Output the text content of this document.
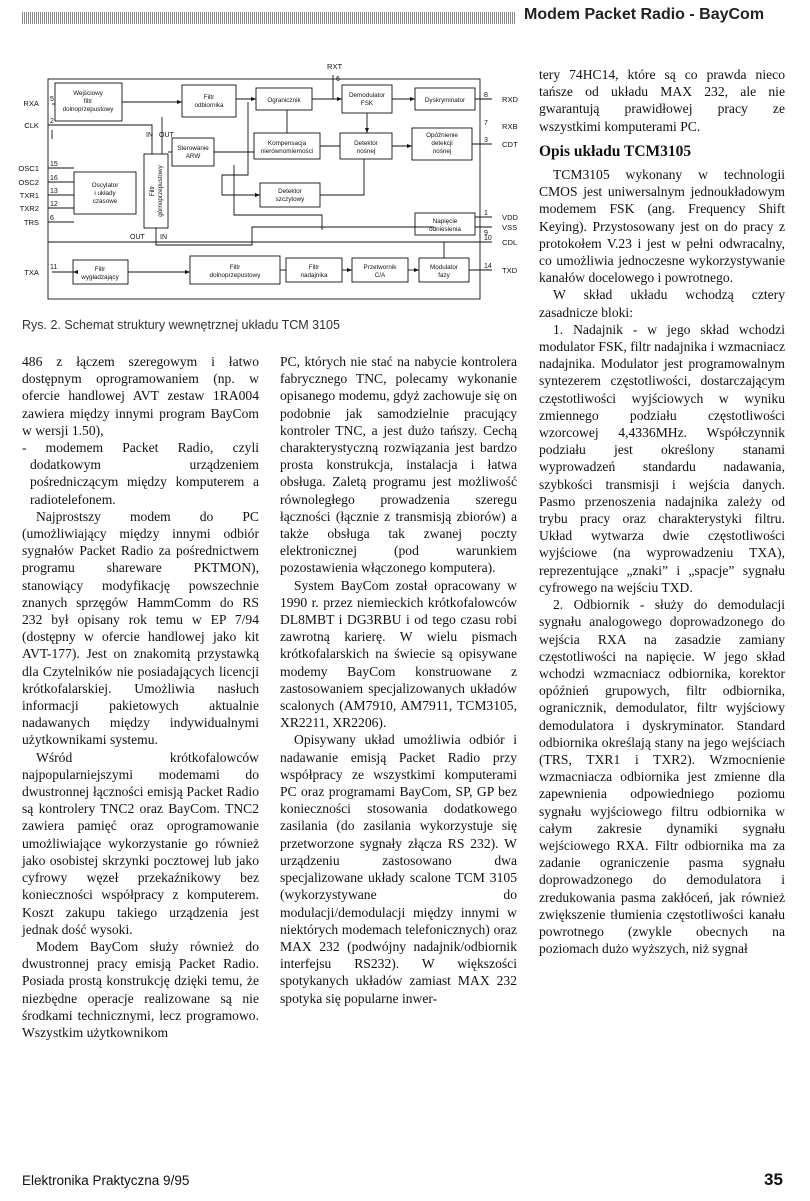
Modem Packet Radio - BayCom
Wejściowy
filtr
dolnoprzepustowy
Filtr
odbiornika
Ogranicznik
Demodulator
FSK	Dyskryminator
Sterowanie
ARW
Kompensacja
nierównomierności
Detektor
nośnej
Opóźnienie
detekcji
nośnej
Oscylator
i układy
czasowe
Detektor
szczytowy
Napięcie
odniesienia
Filtr
wygładzający
Filtr
dolnoprzepustowy
Filtr
nadajnika
Przetwornik
C/A
Modulator
fazy
Filtr górnoprzepustowy
IN OUT
OUT IN
RXA
CLK
OSC1
OSC2
TXR1
TXR2
TRS
TXA
5
2
15
16
13
12
6
11
RXD
RXB
CDT
VDD
VSS
CDL
TXD
8
7
3
1
9
10
14
RXT
6
Rys. 2. Schemat struktury wewnętrznej układu TCM 3105

486 z łączem szeregowym i łatwo dostępnym oprogramowaniem (np. w ofercie handlowej AVT zestaw 1RA004 zawiera między innymi program BayCom w wersji 1.50),

- modemem Packet Radio, czyli dodatkowym urządzeniem pośredniczącym między komputerem a radiotelefonem.

Najprostszy modem do PC (umożliwiający między innymi odbiór sygnałów Packet Radio za pośrednictwem programu shareware PKTMON), stanowiący modyfikację powszechnie znanych sprzęgów HammComm do RS 232 był opisany rok temu w EP 7/94 (dostępny w ofercie handlowej jako kit AVT-177). Jest on znakomitą przystawką dla Czytelników nie posiadających licencji krótkofalarskiej. Umożliwia nasłuch informacji pakietowych aktualnie nadawanych między indywidualnymi użytkownikami systemu.

Wśród krótkofalowców najpopularniejszymi modemami do dwustronnej łączności emisją Packet Radio są kontrolery TNC2 oraz BayCom. TNC2 zawiera pamięć oraz oprogramowanie umożliwiające wykorzystanie go również jako osobistej skrzynki pocztowej lub jako cyfrowy węzeł przekaźnikowy bez konieczności współpracy z komputerem. Koszt zakupu takiego urządzenia jest jednak dość wysoki.

Modem BayCom służy również do dwustronnej pracy emisją Packet Radio. Posiada prostą konstrukcję dzięki temu, że niezbędne operacje realizowane są nie środkami technicznymi, lecz programowo. Wszystkim użytkownikom

PC, których nie stać na nabycie kontrolera fabrycznego TNC, polecamy wykonanie opisanego modemu, gdyż zachowuje się on podobnie jak samodzielnie pracujący kontroler TNC, a jest dużo tańszy. Cechą charakterystyczną rozwiązania jest bardzo prosta konstrukcja, instalacja i łatwa obsługa. Zaletą programu jest możliwość równoległego prowadzenia szeregu łączności (łącznie z transmisją zbiorów) a także obsługa tak zwanej poczty elektronicznej (pod warunkiem pozostawienia włączonego komputera).

System BayCom został opracowany w 1990 r. przez niemieckich krótkofalowców DL8MBT i DG3RBU i od tego czasu robi zawrotną karierę. W wielu pismach krótkofalarskich na świecie są opisywane modemy BayCom konstruowane z zastosowaniem specjalizowanych układów scalonych (AM7910, AM7911, TCM3105, XR2211, XR2206).

Opisywany układ umożliwia odbiór i nadawanie emisją Packet Radio przy współpracy ze wszystkimi komputerami PC oraz programami BayCom, SP, GP bez konieczności stosowania dodatkowego zasilania (do zasilania wykorzystuje się przetworzone sygnały złącza RS 232). W urządzeniu zastosowano dwa specjalizowane układy scalone TCM 3105 (wykorzystywane do modulacji/demodulacji między innymi w niektórych modemach telefonicznych) oraz MAX 232 (podwójny nadajnik/odbiornik interfejsu RS232). W większości spotykanych układów zamiast MAX 232 spotyka się popularne inwer-

tery 74HC14, które są co prawda nieco tańsze od układu MAX 232, ale nie gwarantują prawidłowej pracy ze wszystkimi komputerami PC.

Opis układu TCM3105

TCM3105 wykonany w technologii CMOS jest uniwersalnym jednoukładowym modemem FSK (ang. Frequency Shift Keying). Przystosowany jest on do pracy z protokołem V.23 i jest w pełni odwracalny, co umożliwia jednoczesne wykorzystywanie kanałów docelowego i powrotnego.

W skład układu wchodzą cztery zasadnicze bloki:

1. Nadajnik - w jego skład wchodzi modulator FSK, filtr nadajnika i wzmacniacz nadajnika. Modulator jest programowalnym syntezerem częstotliwości, dostarczającym częstotliwości wyjściowych w wyniku zmiennego podziału częstotliwości wzorcowej 4,4336MHz. Współczynnik podziału jest określony stanami wyprowadzeń standardu nadawania, szybkości transmisji i wejścia danych. Pasmo przenoszenia nadajnika zależy od trybu pracy oraz charakterystyki filtru. Układ wytwarza dwie częstotliwości wyjściowe (na wyprowadzeniu TXA), reprezentujące „znaki” i „spacje” sygnału cyfrowego na wejściu TXD.

2. Odbiornik - służy do demodulacji sygnału analogowego doprowadzonego do wejścia RXA na zasadzie zamiany częstotliwości na napięcie. W jego skład wchodzi wzmacniacz odbiornika, korektor opóźnień grupowych, filtr odbiornika, ogranicznik, demodulator, filtr wyjściowy demodulatora i dyskryminator. Standard odbiornika określają stany na jego wejściach (TRS, TXR1 i TXR2). Wzmocnienie wzmacniacza odbiornika jest zmienne dla zapewnienia odpowiedniego poziomu sygnału wyjściowego filtru odbiornika w całym zakresie dynamiki sygnału wejściowego RXA. Filtr odbiornika ma za zadanie ograniczenie pasma sygnału doprowadzonego do demodulatora i zredukowania pasma zakłóceń, jak również zwiększenie tłumienia częstotliwości kanału powrotnego (zwykle obecnych na poziomach dużo wyższych, niż sygnał

Elektronika Praktyczna 9/95	35
